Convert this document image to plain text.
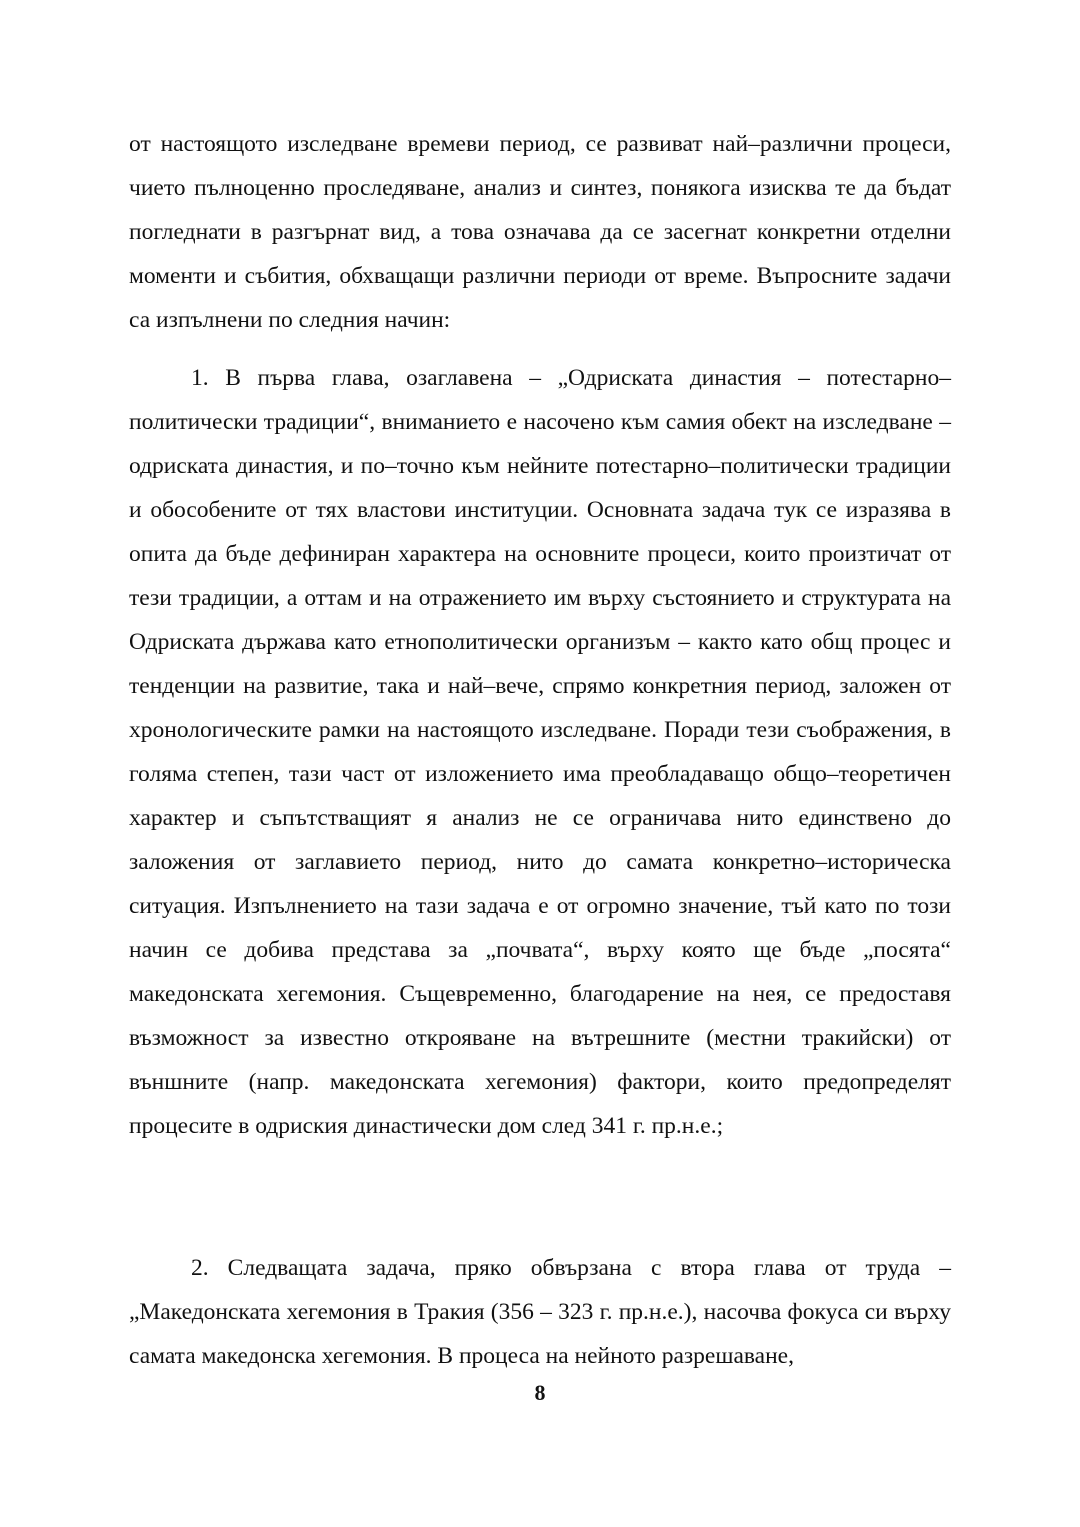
от настоящото изследване времеви период, се развиват най–различни процеси, чието пълноценно проследяване, анализ и синтез, понякога изисква те да бъдат погледнати в разгърнат вид, а това означава да се засегнат конкретни отделни моменти и събития, обхващащи различни периоди от време. Въпросните задачи са изпълнени по следния начин:

1. В първа глава, озаглавена – „Одриската династия – потестарно–политически традиции“, вниманието е насочено към самия обект на изследване – одриската династия, и по–точно към нейните потестарно–политически традиции и обособените от тях властови институции. Основната задача тук се изразява в опита да бъде дефиниран характера на основните процеси, които произтичат от тези традиции, а оттам и на отражението им върху състоянието и структурата на Одриската държава като етнополитически организъм – както като общ процес и тенденции на развитие, така и най–вече, спрямо конкретния период, заложен от хронологическите рамки на настоящото изследване. Поради тези съображения, в голяма степен, тази част от изложението има преобладаващо общо–теоретичен характер и съпътстващият я анализ не се ограничава нито единствено до заложения от заглавието период, нито до самата конкретно–историческа ситуация. Изпълнението на тази задача е от огромно значение, тъй като по този начин се добива представа за „почвата“, върху която ще бъде „посята“ македонската хегемония. Същевременно, благодарение на нея, се предоставя възможност за известно открояване на вътрешните (местни тракийски) от външните (напр. македонската хегемония) фактори, които предопределят процесите в одриския династически дом след 341 г. пр.н.е.;

2. Следващата задача, пряко обвързана с втора глава от труда – „Македонската хегемония в Тракия (356 – 323 г. пр.н.е.), насочва фокуса си върху самата македонска хегемония. В процеса на нейното разрешаване,

8
